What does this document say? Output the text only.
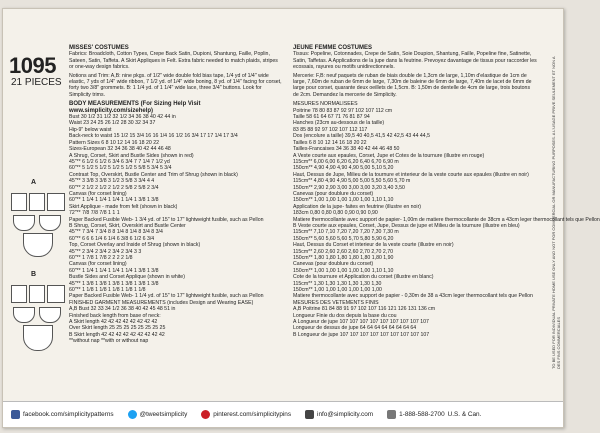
1095
21 PIECES
A
B
MISSES' COSTUMES
Fabrics: Broadcloth, Cotton Types, Crepe Back Satin, Dupioni, Shantung, Faille, Poplin, Sateen, Satin, Taffeta. A Skirt Appliques in Felt. Extra fabric needed to match plaids, stripes or one-way design fabrics.
Notions and Trim: A,B: nine pkgs. of 1/2" wide double fold bias tape, 1/4 yd of 1/4" wide elastic, 7 yds of 1/4" wide ribbon, 7 1/2 yd. of 1/4" wide boning, 8 yd. of 1/4" facing for corset, forty two 3/8" grommets. B: 1 1/4 yd. of 1 1/4" wide lace, three 3/4" buttons. Look for Simplicity trims.
BODY MEASUREMENTS (For Sizing Help Visit www.simplicity.com/sizehelp)
Bust 30 1/2 31 1/2 32 1/2 34 36 38 40 42 44 in
Waist 23 24 25 26 1/2 28 30 32 34 37
Hip-9" below waist
Back-neck to waist 15 1/2 15 3/4 16 16 1/4 16 1/2 16 3/4 17 17 1/4 17 3/4
Pattern Sizes 6 8 10 12 14 16 18 20 22
Sizes-European 32 34 36 38 40 42 44 46 48
A Shrug, Corset, Skirt and Bustle Sides (shown in red)
45"** 6 1/2 6 1/2 6 3/4 6 3/4 7 7 1/4 7 1/2 yd
60"** 5 1/2 5 1/2 5 1/2 5 1/2 5 5/8 5 3/4 5 3/4
Contrast Top, Overskirt, Bustle Center and Trim of Shrug (shown in black)
45"** 3 3/8 3 3/8 3 1/2 3 5/8 3 3/4 4 4
60"** 2 1/2 2 1/2 2 1/2 2 5/8 2 5/8 2 3/4
Canvas (for corset lining)
60"** 1 1/4 1 1/4 1 1/4 1 1/4 1 3/8 1 3/8
Skirt Applique - made from felt (shown in black)
72"** 7/8 7/8 7/8 1 1 1
Paper Backed Fusible Web- 1 3/4 yd. of 15" to 17" lightweight fusible, such as Pellon
B Shrug, Corset, Skirt, Overskirt and Bustle Center
45"** 7 3/4 7 3/4 8 8 1/4 8 1/4 8 3/4 8 3/4
60"** 6 6 6 1/4 6 1/4 6 3/8 6 1/2 6 3/4
Top, Corset Overlay and Inside of Shrug (shown in black)
45"** 2 3/4 2 3/4 2 3/4 2 3/4 3 3
60"** 1 7/8 1 7/8 2 2 2 2 1/8
Canvas (for corset lining)
60"** 1 1/4 1 1/4 1 1/4 1 1/4 1 3/8 1 3/8
Bustle Sides and Corset Applique (shown in white)
45"** 1 3/8 1 3/8 1 3/8 1 3/8 1 3/8 1 3/8
60"** 1 1/8 1 1/8 1 1/8 1 1/8 1 1/8
Paper Backed Fusible Web- 1 1/4 yd. of 15" to 17" lightweight fusible, such as Pellon
FINISHED GARMENT MEASUREMENTS (includes Design and Wearing EASE)
A,B Bust 32 33 34 1/2 36 38 40 42 45 48 51 in
Finished back length from base of neck:
A Skirt length 42 42 42 42 42 42 42 42
Over Skirt length 25 25 25 25 25 25 25 25
B Skirt length 42 42 42 42 42 42 42 42 42
**without nap **with or without nap
JEUNE FEMME COSTUMES
Tissus: Popeline, Cotonnades, Crepe de Satin, Soie Doupion, Shantung, Faille, Popeline fine, Satinette, Satin, Taffetas. A Applications de la jupe dans la feutrine. Prevoyez davantage de tissus pour raccorder les ecossais, rayures ou motifs unidirectionnels.
Mercerie: F,B: neuf paquets de ruban de biais double de 1,3cm de large, 1,10m d'elastique de 1cm de large, 7,60m de ruban de 6mm de large, 7,30m de baleine de 6mm de large, 7,40m de lacet de 6mm de large pour corset, quarante deux oeillets de 1,5cm. B: 1,50m de dentelle de 4cm de large, trois boutons de 2cm. Demandez la mercerie de Simplicity.
MESURES NORMALISEES
Poitrine 78 80 83 87 92 97 102 107 112 cm
Taille 58 61 64 67 71 76 81 87 94
Hanches (23cm au-dessous de la taille)
83 85 88 92 97 102 107 112 117
Dos (encolure a taille) 39,5 40 40,5 41,5 42 42,5 43 44 44,5
Tailles 6 8 10 12 14 16 18 20 22
Tailles-Francaises 34 36 38 40 42 44 46 48 50
A Veste courte aux epaules, Corset, Jupe et Cotes de la tournure (illustre en rouge)
115cm** 6,00 6,00 6,20 6,20 6,40 6,70 6,90 m
150cm** 4,90 4,90 4,90 4,90 5,00 5,10 5,20
Haut, Dessus de Jupe, Milieu de la tournure et interieur de la veste courte aux epaules (illustre en noir)
115cm** 4,80 4,90 4,90 5,00 5,00 5,50 5,60 5,70 m
150cm** 2,90 2,90 3,00 3,00 3,00 3,20 3,40 3,50
Canevas (pour doublure du corset)
150cm** 1,00 1,00 1,00 1,00 1,00 1,10 1,10
Application de la jupe- faites en feutrine (illustre en noir)
183cm 0,80 0,80 0,80 0,90 0,90 0,90
Matiere thermocollante avec support de papier- 1,00m de matiere thermocollante de 38cm a 43cm leger thermocollant tels que Pellon
B Veste courte aux epaules, Corset, Jupe, Dessus de jupe et Milieu de la tournure (illustre en bleu)
115cm** 7,10 7,10 7,20 7,20 7,20 7,30 7,30 m
150cm** 5,60 5,60 5,60 5,70 5,80 5,90 6,20
Haut, Dessus du Corset et interieur de la veste courte (illustre en noir)
115cm** 2,60 2,60 2,60 2,60 2,70 2,70 2,70
150cm** 1,80 1,80 1,80 1,80 1,80 1,80 1,90
Canevas (pour doublure du corset)
150cm** 1,00 1,00 1,00 1,00 1,00 1,10 1,10
Cote de la tournure et Application du corset (illustre en blanc)
115cm** 1,30 1,30 1,30 1,30 1,30 1,30
150cm** 1,00 1,00 1,00 1,00 1,00 1,00
Matiere thermocollante avec support de papier - 0,30m de 38 a 43cm leger thermocollant tels que Pellon
MESURES DES VETEMENTS FINIS
A,B Poitrine 81 84 88 91 97 102 107 116 121 126 131 136 cm
Longueur Finie du dos depuis la base du cou
A Longueur de jupe 107 107 107 107 107 107 107 107 107
Longueur de dessus de jupe 64 64 64 64 64 64 64 64
B Longueur de jupe 107 107 107 107 107 107 107 107 107	TO BE USED FOR INDIVIDUAL PRIVATE HOME USE ONLY AND NOT FOR COMMERCIAL OR MANUFACTURING PURPOSES. A L'USAGE PRIVE SEULEMENT ET NON A DES FINS COMMERCIALES
facebook.com/simplicitypatterns	@tweetsimplicity	pinterest.com/simplicitypins	info@simplicity.com	1-888-588-2700 U.S. & Can.
